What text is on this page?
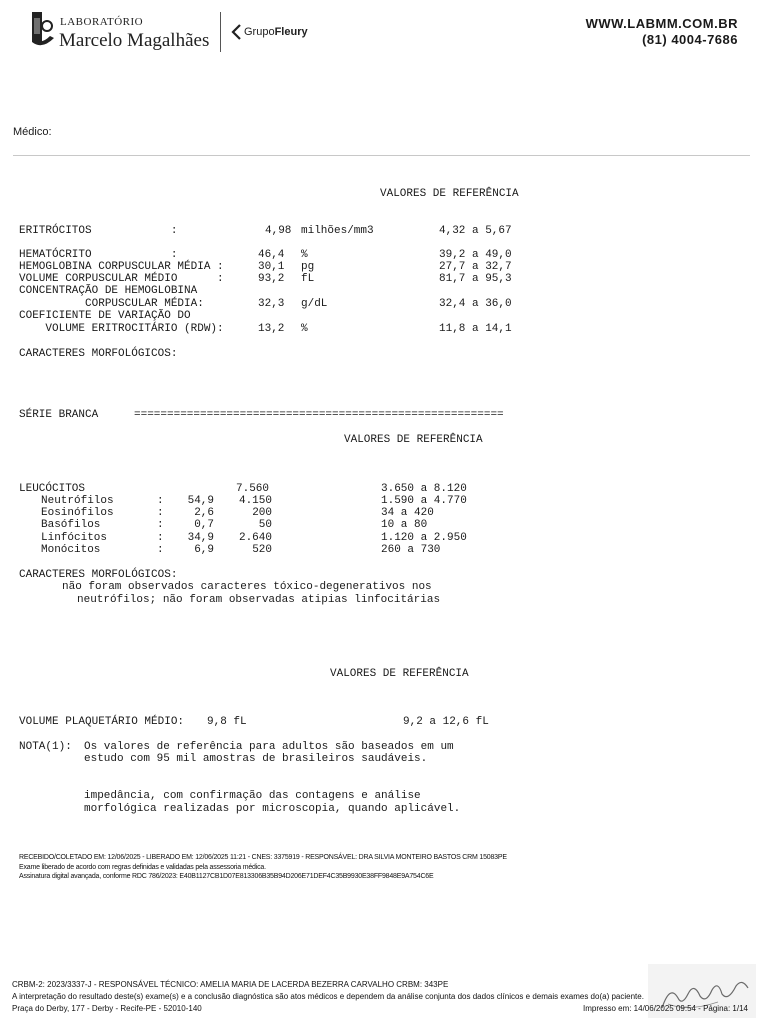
LABORATÓRIO
Marcelo Magalhães	GrupoFleury
WWW.LABMM.COM.BR
(81) 4004-7686
Médico:
VALORES DE REFERÊNCIA
ERITRÓCITOS            :	4,98 milhões/mm3	4,32 a 5,67
HEMATÓCRITO            :	46,4 %	39,2 a 49,0
HEMOGLOBINA CORPUSCULAR MÉDIA :	30,1 pg	27,7 a 32,7
VOLUME CORPUSCULAR MÉDIO      :	93,2 fL	81,7 a 95,3
CONCENTRAÇÃO DE HEMOGLOBINA
CORPUSCULAR MÉDIA:	32,3 g/dL	32,4 a 36,0
COEFICIENTE DE VARIAÇÃO DO
VOLUME ERITROCITÁRIO (RDW):	13,2 %	11,8 a 14,1
CARACTERES MORFOLÓGICOS:
SÉRIE BRANCA	========================================================
VALORES DE REFERÊNCIA
LEUCÓCITOS	7.560	3.650 a 8.120
Neutrófilos	:	54,9 4.150	1.590 a 4.770
Eosinófilos	:	2,6	200	34 a 420
Basófilos	:	0,7	50	10 a 80
Linfócitos	:	34,9 2.640	1.120 a 2.950
Monócitos	:	6,9	520	260 a 730
CARACTERES MORFOLÓGICOS:
não foram observados caracteres tóxico-degenerativos nos
neutrófilos; não foram observadas atipias linfocitárias
VALORES DE REFERÊNCIA
VOLUME PLAQUETÁRIO MÉDIO: 9,8 fL	9,2 a 12,6 fL
NOTA(1): Os valores de referência para adultos são baseados em um
estudo com 95 mil amostras de brasileiros saudáveis.
impedância, com confirmação das contagens e análise
morfológica realizadas por microscopia, quando aplicável.
RECEBIDO/COLETADO EM: 12/06/2025 - LIBERADO EM: 12/06/2025 11:21 - CNES: 3375919 - RESPONSÁVEL: DRA SILVIA MONTEIRO BASTOS CRM 15083PE
Exame liberado de acordo com regras definidas e validadas pela assessoria médica.
Assinatura digital avançada, conforme RDC 786/2023: E40B1127CB1D07E813306B35B94D206E71DEF4C35B9930E38FF9848E9A754C6E
CRBM-2: 2023/3337-J - RESPONSÁVEL TÉCNICO: AMELIA MARIA DE LACERDA BEZERRA CARVALHO CRBM: 343PE
A interpretação do resultado deste(s) exame(s) e a conclusão diagnóstica são atos médicos e dependem da análise conjunta dos dados clínicos e demais exames do(a) paciente.
Praça do Derby, 177 - Derby - Recife-PE - 52010-140	Impresso em: 14/06/2025 09:54 - Página: 1/14
